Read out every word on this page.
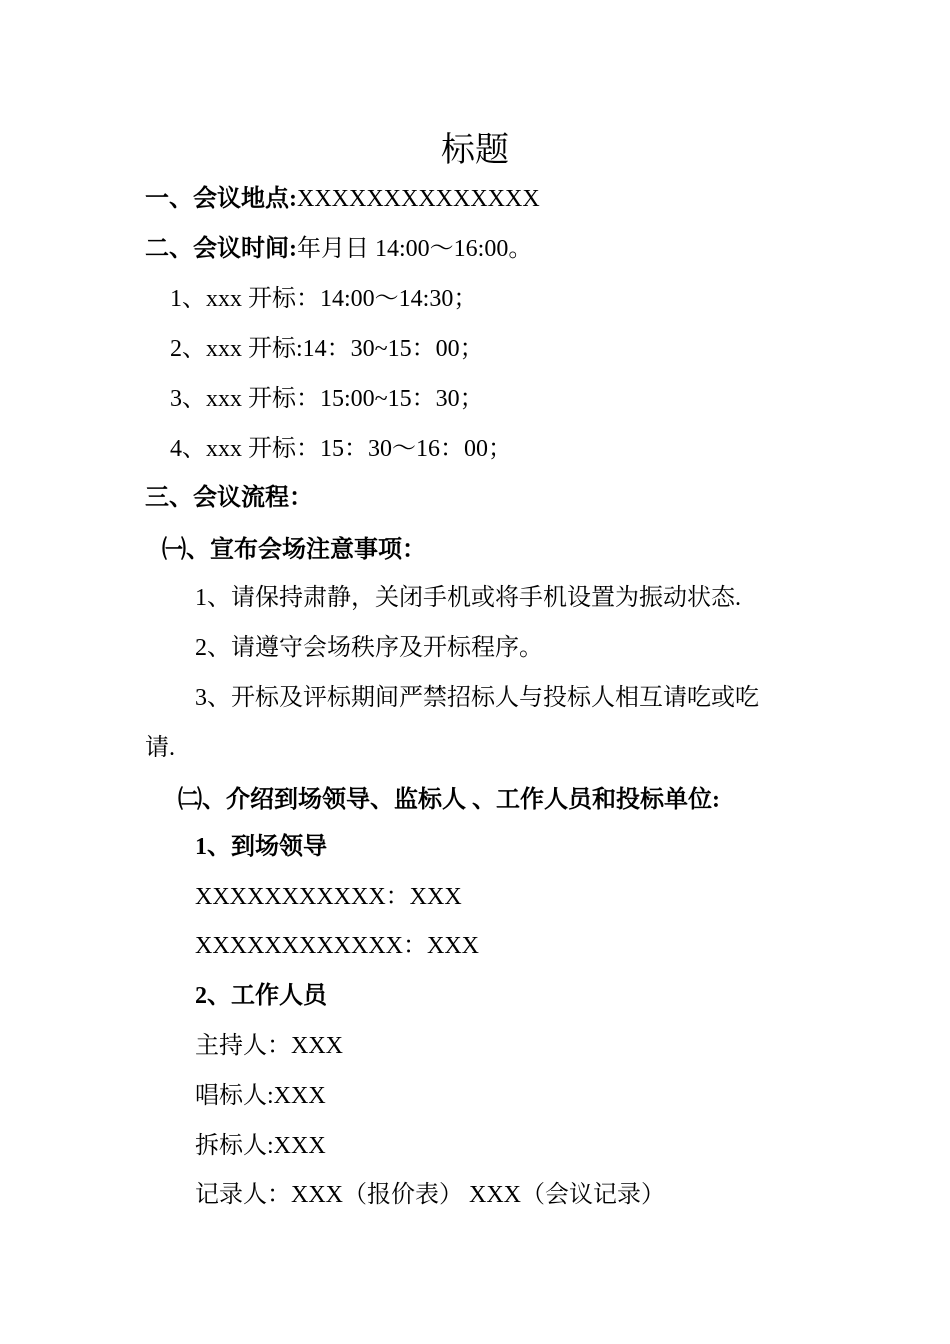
标题
一、会议地点:XXXXXXXXXXXXXX
二、会议时间:年月日 14:00～16:00。
1、xxx 开标：14:00～14:30；
2、xxx 开标:14：30~15：00；
3、xxx 开标：15:00~15：30；
4、xxx 开标：15：30～16：00；
三、会议流程：
㈠、宣布会场注意事项：
1、请保持肃静，关闭手机或将手机设置为振动状态.
2、请遵守会场秩序及开标程序。
3、开标及评标期间严禁招标人与投标人相互请吃或吃
请.
㈡、介绍到场领导、监标人 、工作人员和投标单位:
1、到场领导
XXXXXXXXXXX：XXX
XXXXXXXXXXXX：XXX
2、工作人员
主持人：XXX
唱标人:XXX
拆标人:XXX
记录人：XXX（报价表） XXX（会议记录）
